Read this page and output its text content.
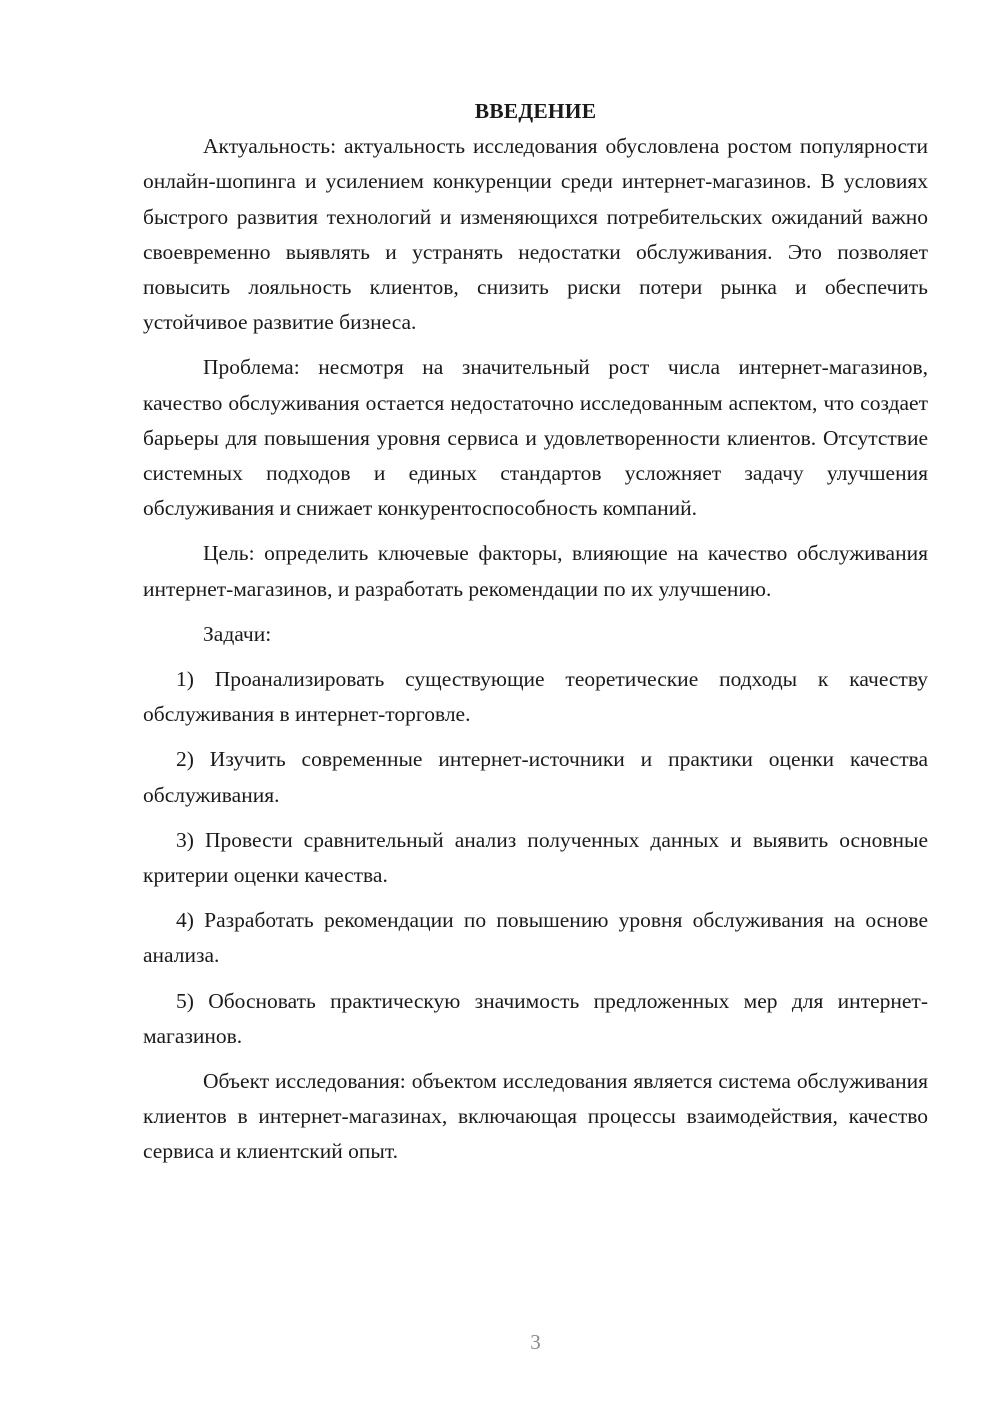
ВВЕДЕНИЕ

Актуальность: актуальность исследования обусловлена ростом популярности онлайн-шопинга и усилением конкуренции среди интернет-магазинов. В условиях быстрого развития технологий и изменяющихся потребительских ожиданий важно своевременно выявлять и устранять недостатки обслуживания. Это позволяет повысить лояльность клиентов, снизить риски потери рынка и обеспечить устойчивое развитие бизнеса.

Проблема: несмотря на значительный рост числа интернет-магазинов, качество обслуживания остается недостаточно исследованным аспектом, что создает барьеры для повышения уровня сервиса и удовлетворенности клиентов. Отсутствие системных подходов и единых стандартов усложняет задачу улучшения обслуживания и снижает конкурентоспособность компаний.

Цель: определить ключевые факторы, влияющие на качество обслуживания интернет-магазинов, и разработать рекомендации по их улучшению.

Задачи:

1) Проанализировать существующие теоретические подходы к качеству обслуживания в интернет-торговле.

2) Изучить современные интернет-источники и практики оценки качества обслуживания.

3) Провести сравнительный анализ полученных данных и выявить основные критерии оценки качества.

4) Разработать рекомендации по повышению уровня обслуживания на основе анализа.

5) Обосновать практическую значимость предложенных мер для интернет-магазинов.

Объект исследования: объектом исследования является система обслуживания клиентов в интернет-магазинах, включающая процессы взаимодействия, качество сервиса и клиентский опыт.

3
